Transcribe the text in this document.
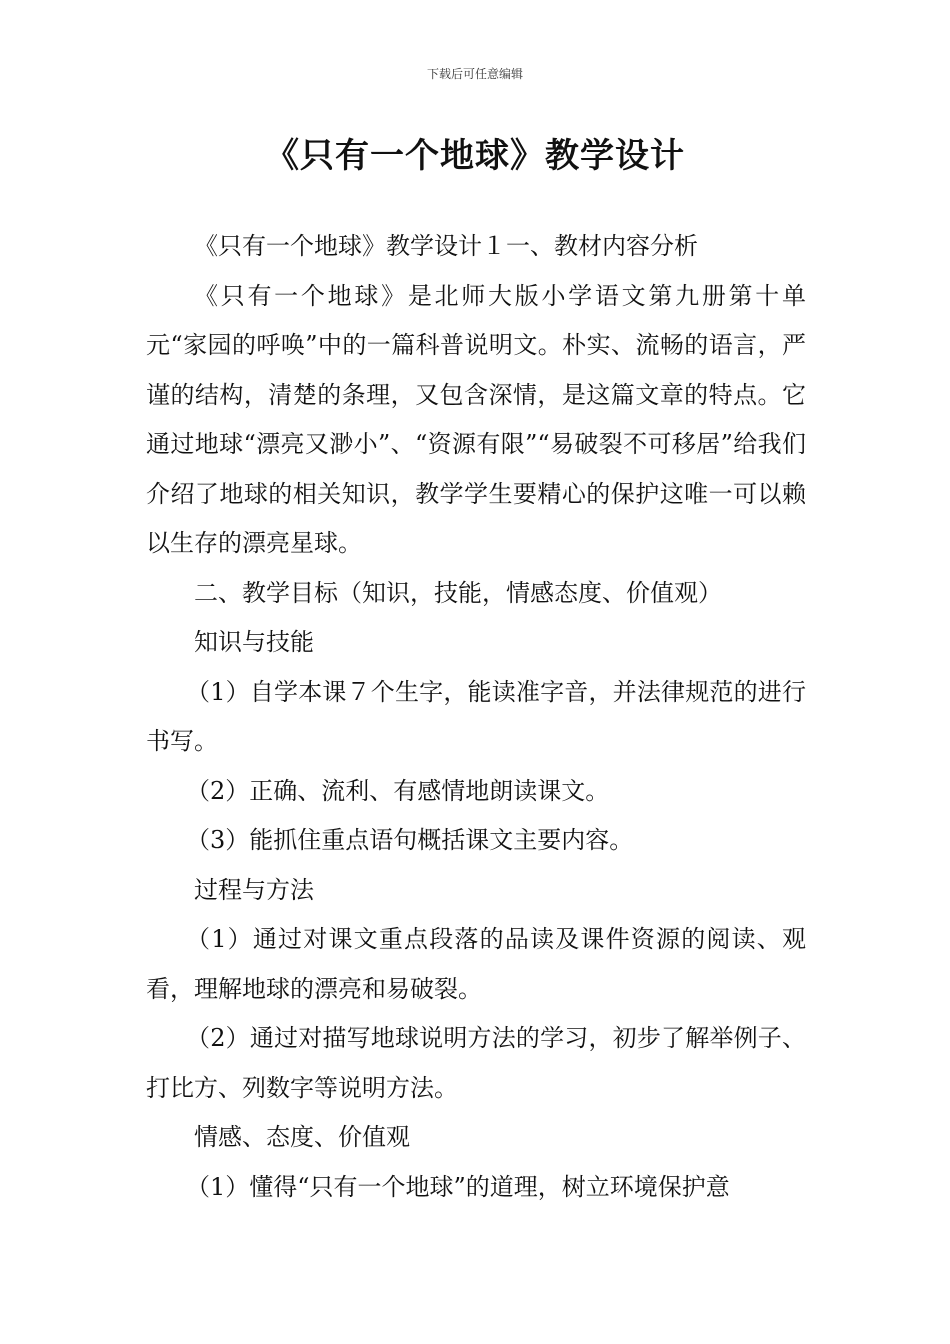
下载后可任意编辑
《只有一个地球》教学设计

《只有一个地球》教学设计１一、教材内容分析

《只有一个地球》是北师大版小学语文第九册第十单元“家园的呼唤”中的一篇科普说明文。朴实、流畅的语言，严谨的结构，清楚的条理，又包含深情，是这篇文章的特点。它通过地球“漂亮又渺小”、“资源有限”“易破裂不可移居”给我们介绍了地球的相关知识，教学学生要精心的保护这唯一可以赖以生存的漂亮星球。

二、教学目标（知识，技能，情感态度、价值观）

知识与技能

（1）自学本课７个生字，能读准字音，并法律规范的进行书写。

（2）正确、流利、有感情地朗读课文。

（3）能抓住重点语句概括课文主要内容。

过程与方法

（1）通过对课文重点段落的品读及课件资源的阅读、观看，理解地球的漂亮和易破裂。

（2）通过对描写地球说明方法的学习，初步了解举例子、打比方、列数字等说明方法。

情感、态度、价值观

（1）懂得“只有一个地球”的道理，树立环境保护意
